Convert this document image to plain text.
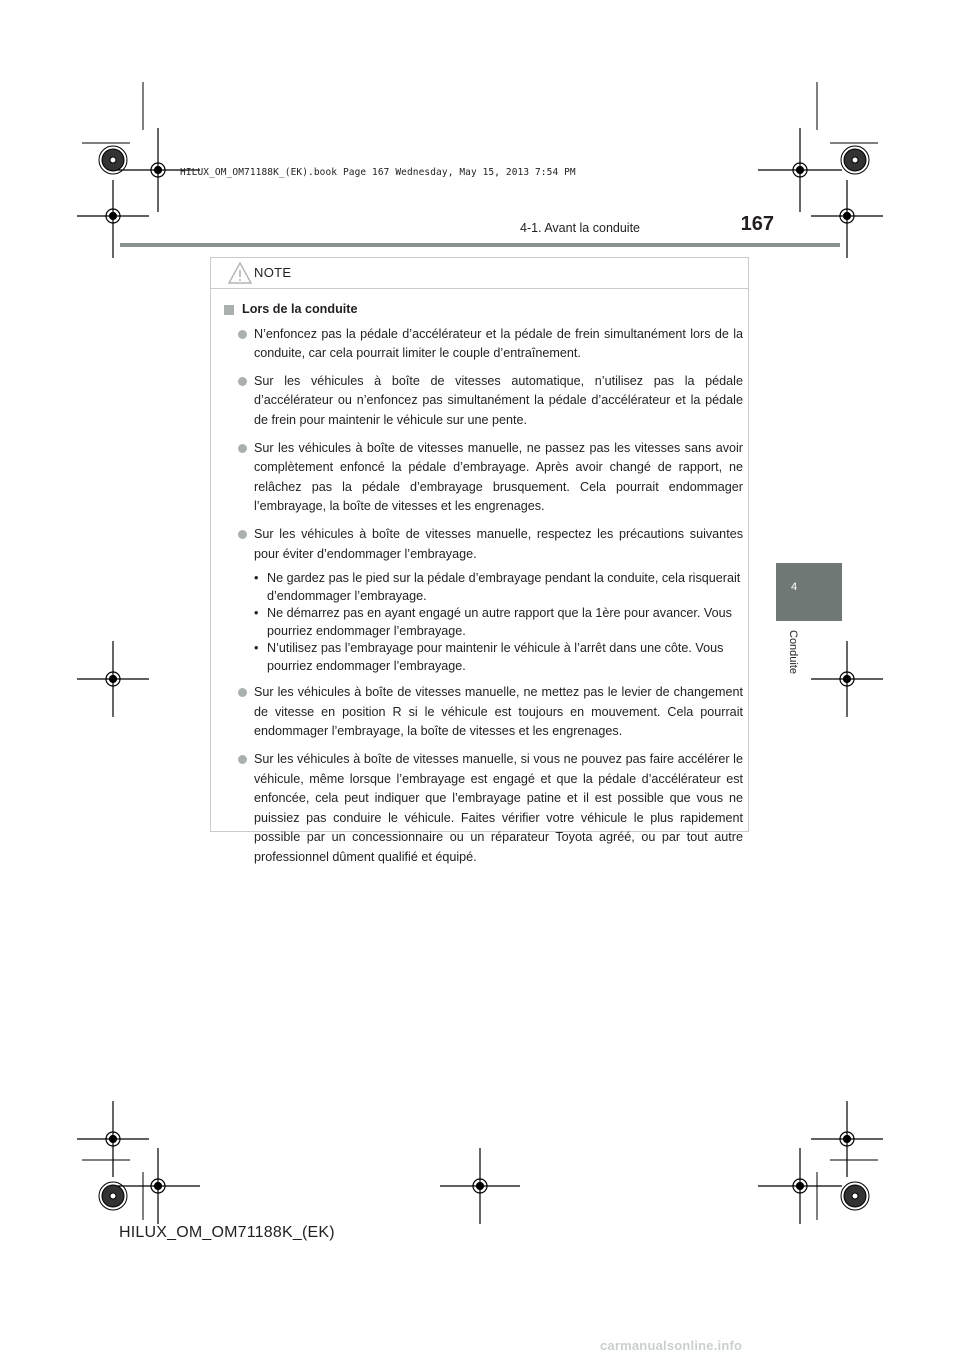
HILUX_OM_OM71188K_(EK).book Page 167 Wednesday, May 15, 2013 7:54 PM
4-1. Avant la conduite	167
4
Conduite
NOTE
Lors de la conduite
N’enfoncez pas la pédale d’accélérateur et la pédale de frein simultanément lors de la conduite, car cela pourrait limiter le couple d’entraînement.
Sur les véhicules à boîte de vitesses automatique, n’utilisez pas la pédale d’accélérateur ou n’enfoncez pas simultanément la pédale d’accélérateur et la pédale de frein pour maintenir le véhicule sur une pente.
Sur les véhicules à boîte de vitesses manuelle, ne passez pas les vitesses sans avoir complètement enfoncé la pédale d’embrayage. Après avoir changé de rapport, ne relâchez pas la pédale d’embrayage brusquement. Cela pourrait endommager l’embrayage, la boîte de vitesses et les engrenages.
Sur les véhicules à boîte de vitesses manuelle, respectez les précautions suivantes pour éviter d’endommager l’embrayage.
• Ne gardez pas le pied sur la pédale d’embrayage pendant la conduite, cela risquerait d’endommager l’embrayage.
• Ne démarrez pas en ayant engagé un autre rapport que la 1ère pour avancer. Vous pourriez endommager l’embrayage.
• N’utilisez pas l’embrayage pour maintenir le véhicule à l’arrêt dans une côte. Vous pourriez endommager l’embrayage.
Sur les véhicules à boîte de vitesses manuelle, ne mettez pas le levier de changement de vitesse en position R si le véhicule est toujours en mouvement. Cela pourrait endommager l’embrayage, la boîte de vitesses et les engrenages.
Sur les véhicules à boîte de vitesses manuelle, si vous ne pouvez pas faire accélérer le véhicule, même lorsque l’embrayage est engagé et que la pédale d’accélérateur est enfoncée, cela peut indiquer que l’embrayage patine et il est possible que vous ne puissiez pas conduire le véhicule. Faites vérifier votre véhicule le plus rapidement possible par un concessionnaire ou un réparateur Toyota agréé, ou par tout autre professionnel dûment qualifié et équipé.
HILUX_OM_OM71188K_(EK)
carmanualsonline.info
